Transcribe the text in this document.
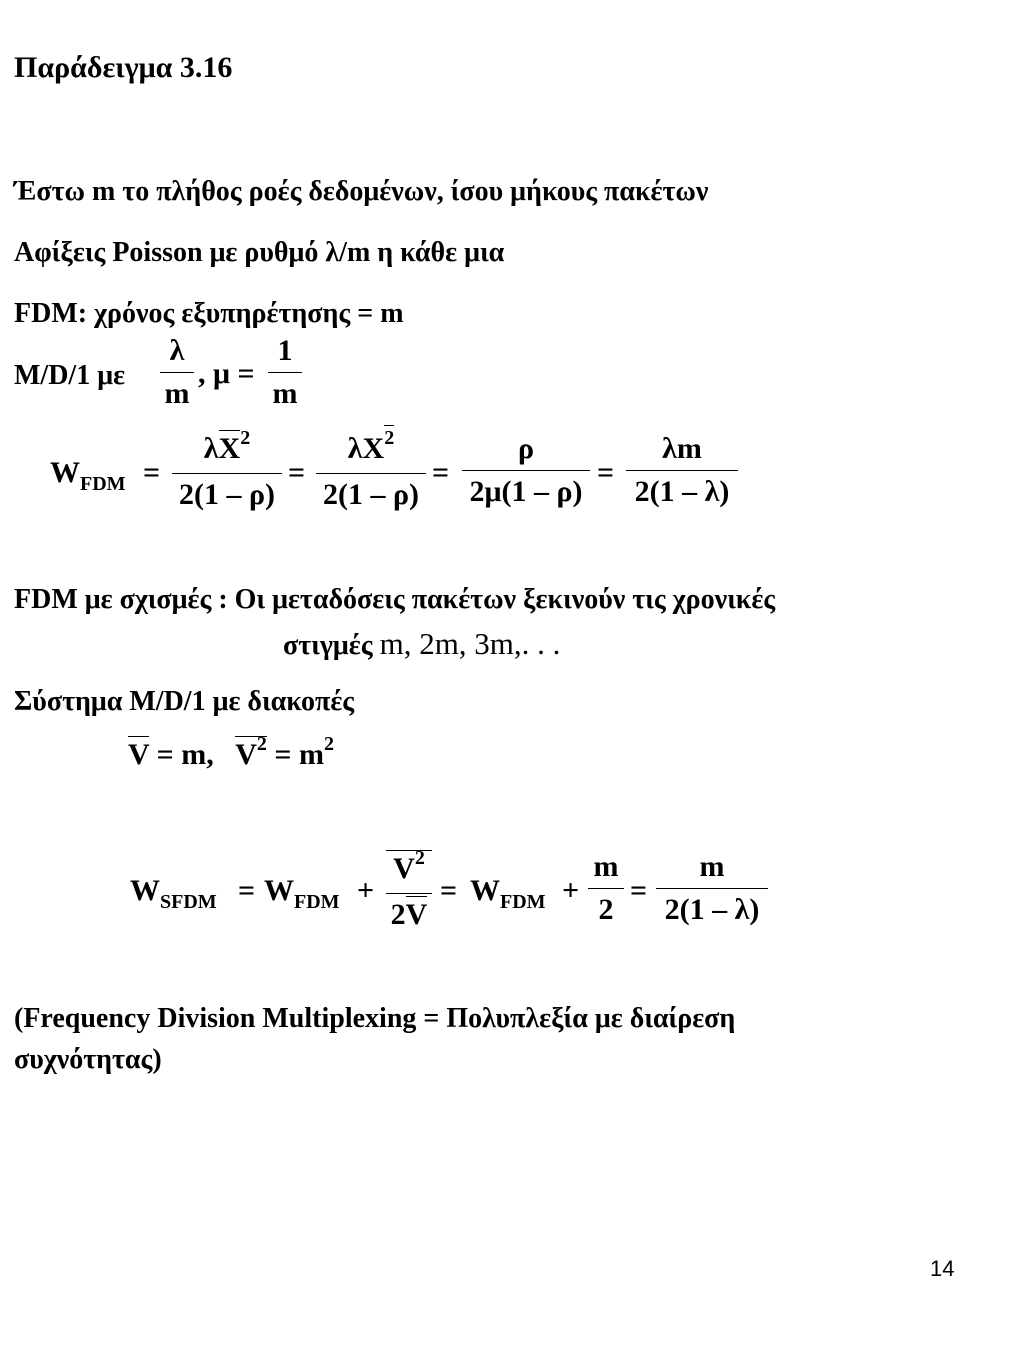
Παράδειγμα 3.16
Έστω m το πλήθος ροές δεδομένων, ίσου μήκους πακέτων
Αφίξεις Poisson με ρυθμό λ/m η κάθε μια
FDM: χρόνος εξυπηρέτησης = m
M/D/1 με
λ
m
, μ =
1
m
$W_{FDM}$ =
$\lambda X^2$
2(1 – ρ)
=
$\lambda X^2$
2(1 – ρ)
=
ρ
2μ(1 – ρ)
=
λm
2(1 – λ)
FDM με σχισμές : Οι μεταδόσεις πακέτων ξεκινούν τις χρονικές
στιγμές m, 2m, 3m,. . .
Σύστημα M/D/1 με διακοπές
V = m, $V^2 = m^2$
$W_{SFDM} = W_{FDM}$ +
$V^2$
2V
= $W_{FDM}$ +
m
2
=
m
2(1 – λ)
(Frequency Division Multiplexing = Πολυπλεξία με διαίρεση
συχνότητας)
14
